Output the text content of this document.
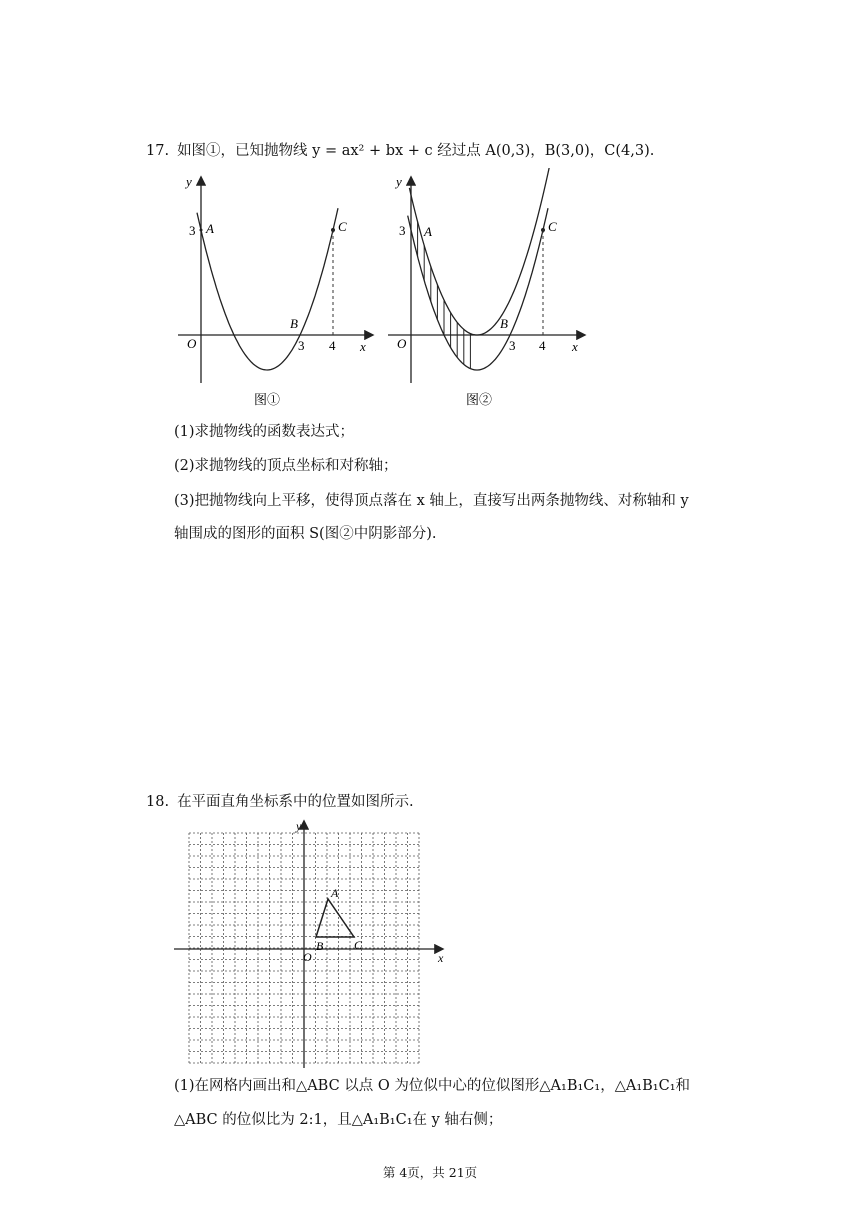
17. 如图①，已知抛物线 y = ax² + bx + c 经过点 A(0,3)，B(3,0)，C(4,3).
y
x
O
3 A
B
3 4
C
图①
y
x
O
3 A
B
3 4
C
图②
(1)求抛物线的函数表达式；
(2)求抛物线的顶点坐标和对称轴；
(3)把抛物线向上平移，使得顶点落在 x 轴上，直接写出两条抛物线、对称轴和 y
轴围成的图形的面积 S(图②中阴影部分).
18. 在平面直角坐标系中的位置如图所示.
y
x
O
A
B	C
(1)在网格内画出和△ABC 以点 O 为位似中心的位似图形△A₁B₁C₁，△A₁B₁C₁和
△ABC 的位似比为 2:1，且△A₁B₁C₁在 y 轴右侧；
第 4页，共 21页
